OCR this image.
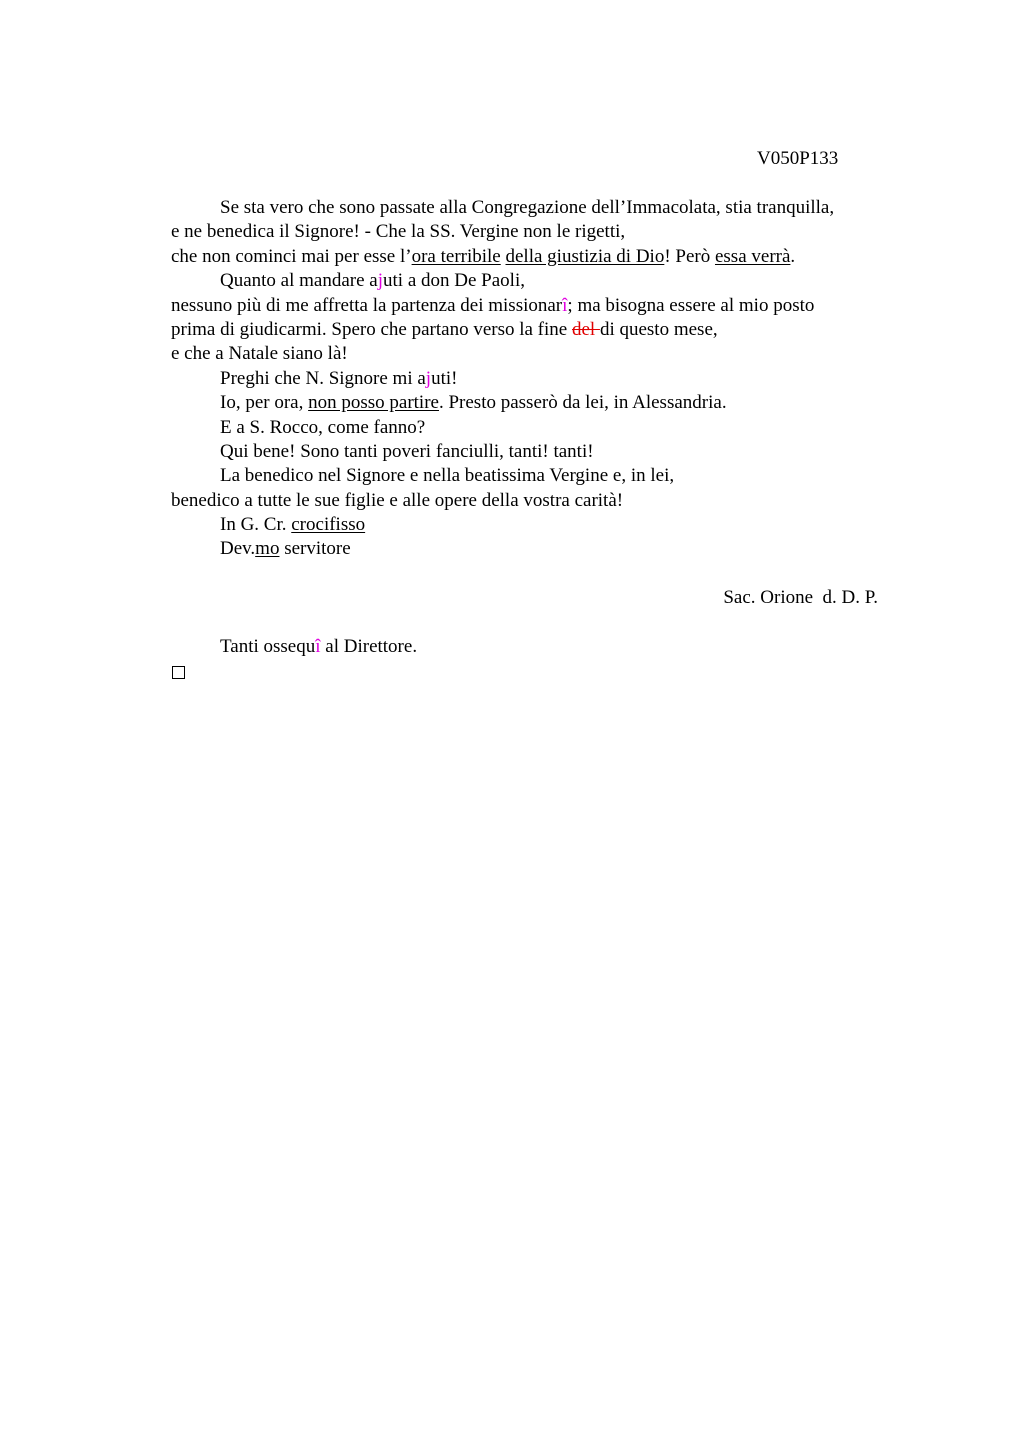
V050P133
Se sta vero che sono passate alla Congregazione dell’Immacolata, stia tranquilla,
e ne benedica il Signore! - Che la SS. Vergine non le rigetti,
che non cominci mai per esse l’ora terribile della giustizia di Dio! Però essa verrà.
Quanto al mandare ajuti a don De Paoli,
nessuno più di me affretta la partenza dei missionarî; ma bisogna essere al mio posto
prima di giudicarmi. Spero che partano verso la fine del di questo mese,
e che a Natale siano là!
Preghi che N. Signore mi ajuti!
Io, per ora, non posso partire. Presto passerò da lei, in Alessandria.
E a S. Rocco, come fanno?
Qui bene! Sono tanti poveri fanciulli, tanti! tanti!
La benedico nel Signore e nella beatissima Vergine e, in lei,
benedico a tutte le sue figlie e alle opere della vostra carità!
In G. Cr. crocifisso
Dev.mo servitore
Sac. Orione  d. D. P.
Tanti ossequî al Direttore.
